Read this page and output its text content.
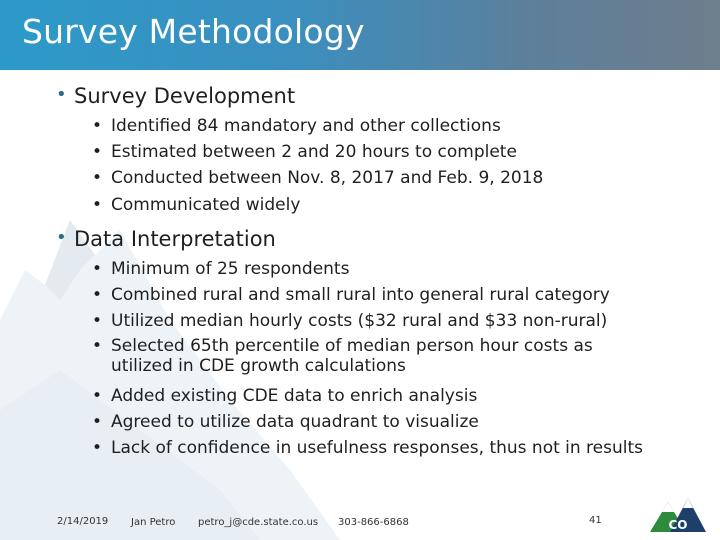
Survey Methodology
• Survey Development
• Identified 84 mandatory and other collections
• Estimated between 2 and 20 hours to complete
• Conducted between Nov. 8, 2017 and Feb. 9, 2018
• Communicated widely
• Data Interpretation
• Minimum of 25 respondents
• Combined rural and small rural into general rural category
• Utilized median hourly costs ($32 rural and $33 non-rural)
• Selected 65th percentile of median person hour costs as utilized in CDE growth calculations
• Added existing CDE data to enrich analysis
• Agreed to utilize data quadrant to visualize
• Lack of confidence in usefulness responses, thus not in results
2/14/2019 Jan Petro petro_j@cde.state.co.us 303-866-6868	41	CO
